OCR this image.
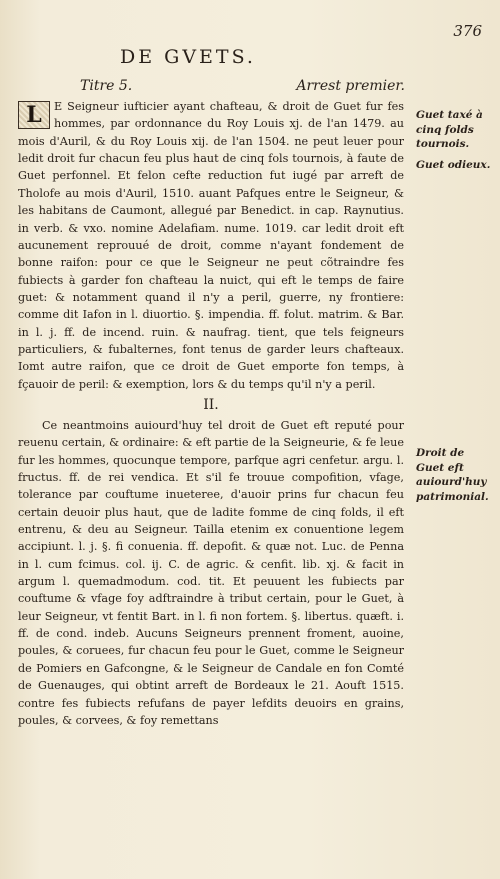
376
DE GVETS.
Titre 5.	Arrest premier.

L	E Seigneur iufticier ayant chafteau, & droit de Guet fur fes hommes, par ordonnance du Roy Louis xj. de l'an 1479. au mois d'Auril, & du Roy Louis xij. de l'an 1504. ne peut leuer pour ledit droit fur chacun feu plus haut de cinq fols tournois, à faute de Guet perfonnel. Et felon cefte reduction fut iugé par arreft de Tholofe au mois d'Auril, 1510. auant Pafques entre le Seigneur, & les habitans de Caumont, allegué par Benedict. in cap. Raynutius. in verb. & vxo. nomine Adelafiam. nume. 1019. car ledit droit eft aucunement reprouué de droit, comme n'ayant fondement de bonne raifon: pour ce que le Seigneur ne peut cõtraindre fes fubiects à garder fon chafteau la nuict, qui eft le temps de faire guet: & notamment quand il n'y a peril, guerre, ny frontiere: comme dit Iafon in l. diuortio. §. impendia. ff. folut. matrim. & Bar. in l. j. ff. de incend. ruin. & naufrag. tient, que tels feigneurs particuliers, & fubalternes, font tenus de garder leurs chafteaux. Iomt autre raifon, que ce droit de Guet emporte fon temps, à fçauoir de peril: & exemption, lors & du temps qu'il n'y a peril.

II.

Ce neantmoins auiourd'huy tel droit de Guet eft reputé pour reuenu certain, & ordinaire: & eft partie de la Seigneurie, & fe leue fur les hommes, quocunque tempore, parfque agri cenfetur. argu. l. fructus. ff. de rei vendica. Et s'il fe trouue compofition, vfage, tolerance par couftume inueteree, d'auoir prins fur chacun feu certain deuoir plus haut, que de ladite fomme de cinq folds, il eft entrenu, & deu au Seigneur. Tailla etenim ex conuentione legem accipiunt. l. j. §. fi conuenia. ff. depofit. & quæ not. Luc. de Penna in l. cum fcimus. col. ij. C. de agric. & cenfit. lib. xj. & facit in argum l. quemadmodum. cod. tit. Et peuuent les fubiects par couftume & vfage foy adftraindre à tribut certain, pour le Guet, à leur Seigneur, vt fentit Bart. in l. fi non fortem. §. libertus. quæft. i. ff. de cond. indeb. Aucuns Seigneurs prennent froment, auoine, poules, & coruees, fur chacun feu pour le Guet, comme le Seigneur de Pomiers en Gafcongne, & le Seigneur de Candale en fon Comté de Guenauges, qui obtint arreft de Bordeaux le 21. Aouft 1515. contre fes fubiects refufans de payer lefdits deuoirs en grains, poules, & corvees, & foy remettans

Guet taxé à cinq folds tournois.
Guet odieux.
Droit de Guet eft auiourd'huy patrimonial.
